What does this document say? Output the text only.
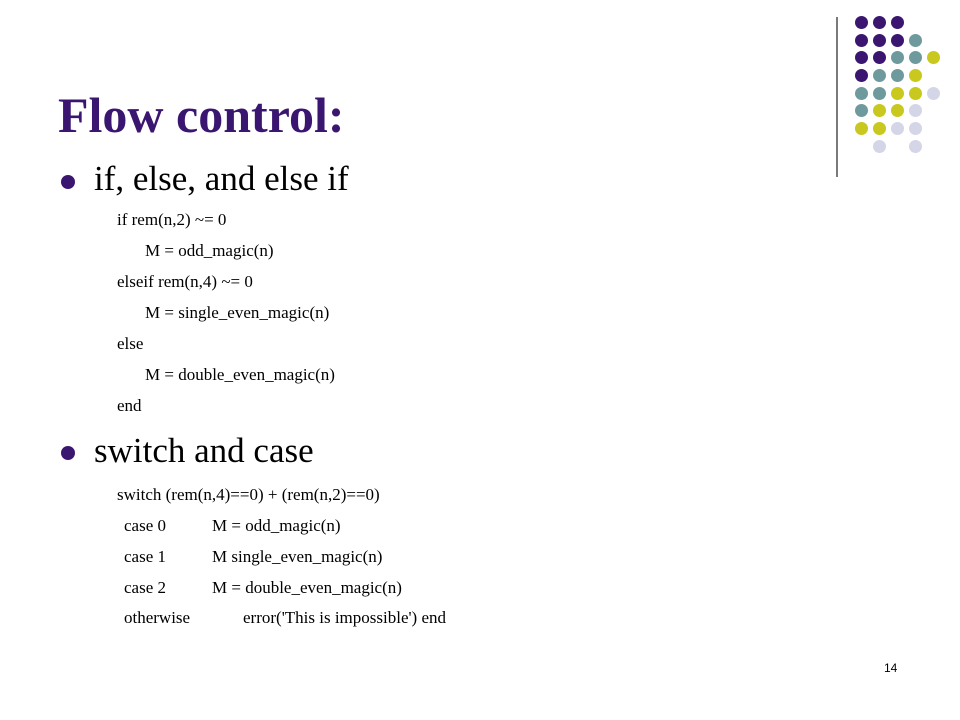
Flow control:
if, else, and else if
if rem(n,2) ~= 0
M = odd_magic(n)
elseif rem(n,4) ~= 0
M = single_even_magic(n)
else
M = double_even_magic(n)
end
switch and case
switch (rem(n,4)==0) + (rem(n,2)==0)
case 0	M = odd_magic(n)
case 1	M single_even_magic(n)
case 2	M = double_even_magic(n)
otherwise	error('This is impossible') end
14
